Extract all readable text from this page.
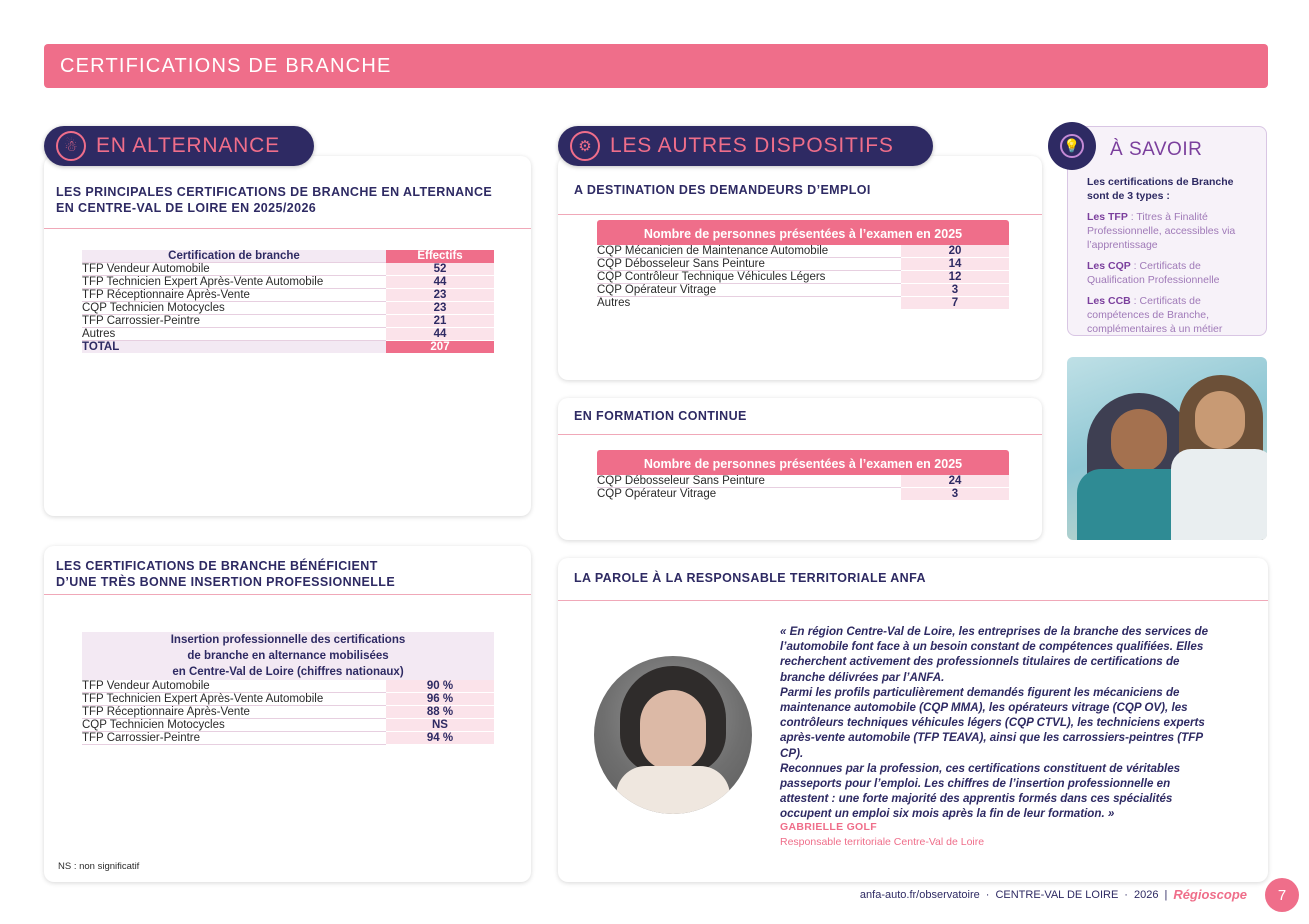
CERTIFICATIONS DE BRANCHE
LES PRINCIPALES CERTIFICATIONS DE BRANCHE EN ALTERNANCE
EN CENTRE-VAL DE LOIRE EN 2025/2026
☃ EN ALTERNANCE
Certification de branche	Effectifs
TFP Vendeur Automobile	52
TFP Technicien Expert Après-Vente Automobile	44
TFP Réceptionnaire Après-Vente	23
CQP Technicien Motocycles	23
TFP Carrossier-Peintre	21
Autres	44
TOTAL	207
LES CERTIFICATIONS DE BRANCHE BÉNÉFICIENT
D’UNE TRÈS BONNE INSERTION PROFESSIONNELLE
Insertion professionnelle des certifications
de branche en alternance mobilisées
en Centre-Val de Loire (chiffres nationaux)	
TFP Vendeur Automobile	90 %
TFP Technicien Expert Après-Vente Automobile	96 %
TFP Réceptionnaire Après-Vente	88 %
CQP Technicien Motocycles	NS
TFP Carrossier-Peintre	94 %
NS : non significatif
A DESTINATION DES DEMANDEURS D’EMPLOI
⚙ LES AUTRES DISPOSITIFS
Nombre de personnes présentées à l’examen en 2025
CQP Mécanicien de Maintenance Automobile	20
CQP Débosseleur Sans Peinture	14
CQP Contrôleur Technique Véhicules Légers	12
CQP Opérateur Vitrage	3
Autres	7
EN FORMATION CONTINUE
Nombre de personnes présentées à l’examen en 2025
CQP Débosseleur Sans Peinture	24
CQP Opérateur Vitrage	3
💡 À SAVOIR

Les certifications de Branche sont de 3 types :

Les TFP : Titres à Finalité Professionnelle, accessibles via l’apprentissage

Les CQP : Certificats de Qualification Professionnelle

Les CCB : Certificats de compétences de Branche, complémentaires à un métier

LA PAROLE À LA RESPONSABLE TERRITORIALE ANFA

« En région Centre-Val de Loire, les entreprises de la branche des services de l’automobile font face à un besoin constant de compétences qualifiées. Elles recherchent activement des professionnels titulaires de certifications de branche délivrées par l’ANFA.

Parmi les profils particulièrement demandés figurent les mécaniciens de maintenance automobile (CQP MMA), les opérateurs vitrage (CQP OV), les contrôleurs techniques véhicules légers (CQP CTVL), les techniciens experts après-vente automobile (TFP TEAVA), ainsi que les carrossiers-peintres (TFP CP).

Reconnues par la profession, ces certifications constituent de véritables passeports pour l’emploi. Les chiffres de l’insertion professionnelle en attestent : une forte majorité des apprentis formés dans ces spécialités occupent un emploi six mois après la fin de leur formation. »

GABRIELLE GOLF
Responsable territoriale Centre-Val de Loire
anfa-auto.fr/observatoire · CENTRE-VAL DE LOIRE · 2026 | Régioscope	7
